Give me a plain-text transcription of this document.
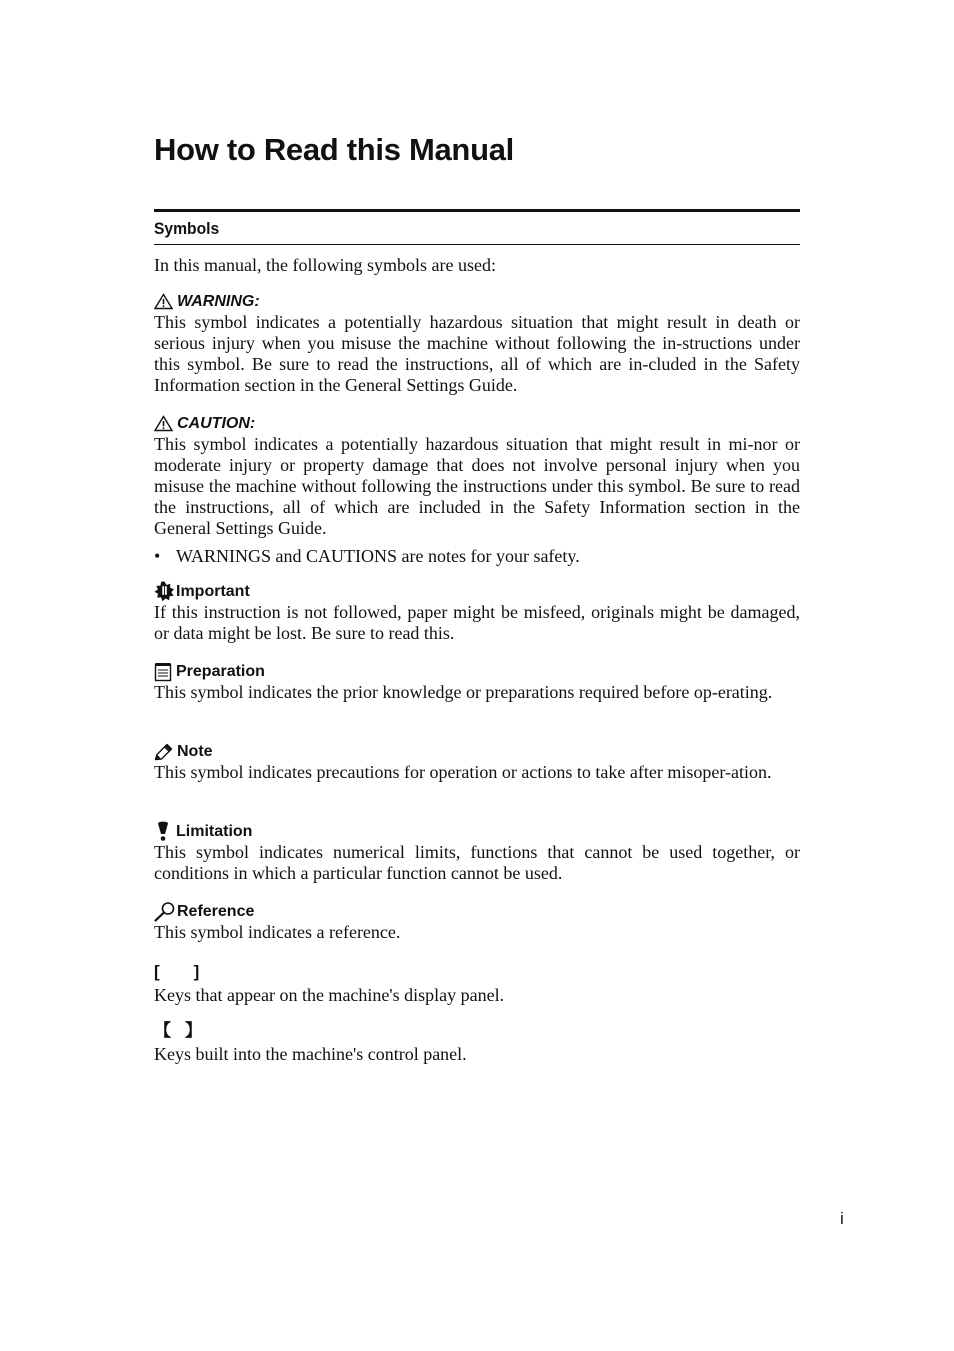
How to Read this Manual
Symbols

In this manual, the following symbols are used:

WARNING:

This symbol indicates a potentially hazardous situation that might result in death or serious injury when you misuse the machine without following the in-structions under this symbol. Be sure to read the instructions, all of which are in-cluded in the Safety Information section in the General Settings Guide.

CAUTION:

This symbol indicates a potentially hazardous situation that might result in mi-nor or moderate injury or property damage that does not involve personal injury when you misuse the machine without following the instructions under this symbol. Be sure to read the instructions, all of which are included in the Safety Information section in the General Settings Guide.

• WARNINGS and CAUTIONS are notes for your safety.
Important

If this instruction is not followed, paper might be misfeed, originals might be damaged, or data might be lost. Be sure to read this.

Preparation

This symbol indicates the prior knowledge or preparations required before op-erating.

Note

This symbol indicates precautions for operation or actions to take after misoper-ation.

Limitation

This symbol indicates numerical limits, functions that cannot be used together, or conditions in which a particular function cannot be used.

Reference

This symbol indicates a reference.

[ ]

Keys that appear on the machine's display panel.

【 】

Keys built into the machine's control panel.

i
